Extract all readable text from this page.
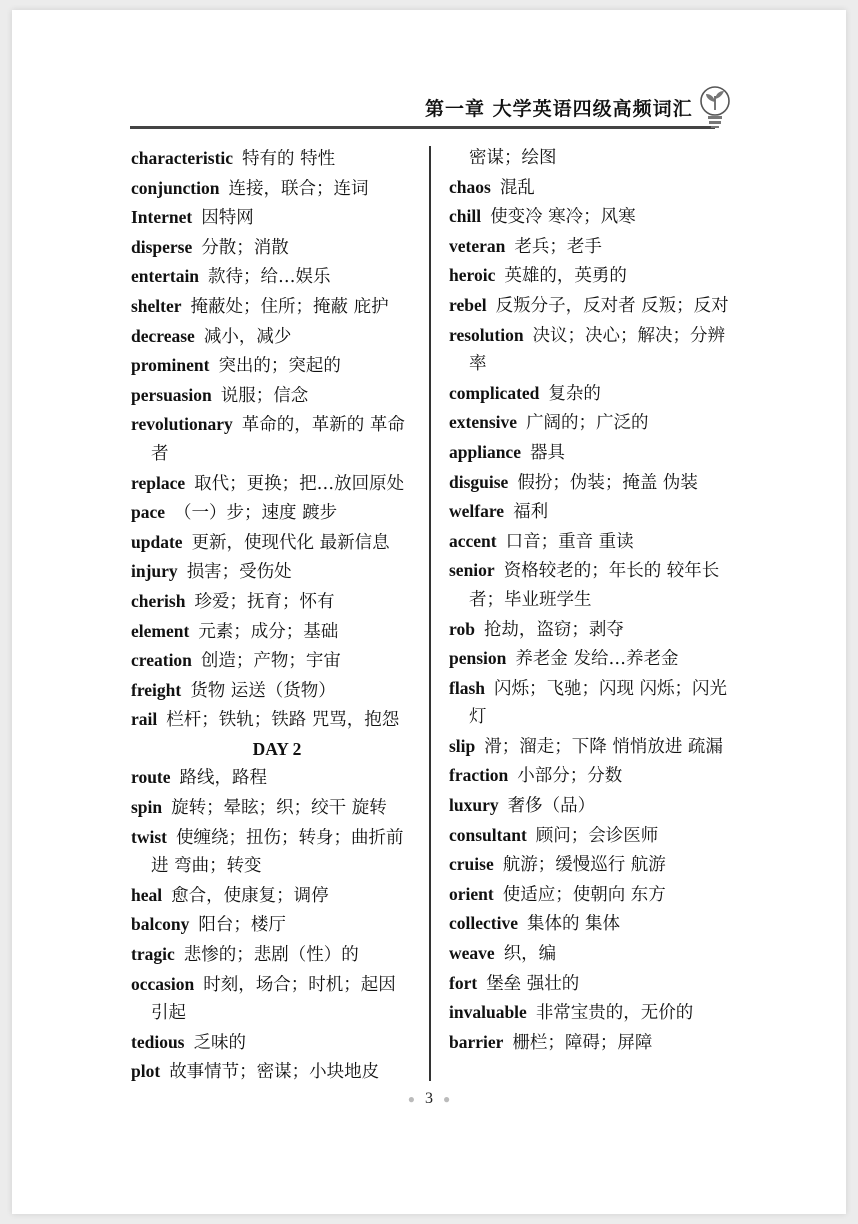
第一章 大学英语四级高频词汇
characteristic 特有的 特性
conjunction 连接，联合；连词
Internet 因特网
disperse 分散；消散
entertain 款待；给…娱乐
shelter 掩蔽处；住所；掩蔽 庇护
decrease 减小，减少
prominent 突出的；突起的
persuasion 说服；信念
revolutionary 革命的，革新的 革命者
replace 取代；更换；把…放回原处
pace （一）步；速度 踱步
update 更新，使现代化 最新信息
injury 损害；受伤处
cherish 珍爱；抚育；怀有
element 元素；成分；基础
creation 创造；产物；宇宙
freight 货物 运送（货物）
rail 栏杆；铁轨；铁路 咒骂，抱怨
DAY 2
route 路线，路程
spin 旋转；晕眩；织；绞干 旋转
twist 使缠绕；扭伤；转身；曲折前进 弯曲；转变
heal 愈合，使康复；调停
balcony 阳台；楼厅
tragic 悲惨的；悲剧（性）的
occasion 时刻，场合；时机；起因 引起
tedious 乏味的
plot 故事情节；密谋；小块地皮
密谋；绘图
chaos 混乱
chill 使变冷 寒冷；风寒
veteran 老兵；老手
heroic 英雄的，英勇的
rebel 反叛分子，反对者 反叛；反对
resolution 决议；决心；解决；分辨率
complicated 复杂的
extensive 广阔的；广泛的
appliance 器具
disguise 假扮；伪装；掩盖 伪装
welfare 福利
accent 口音；重音 重读
senior 资格较老的；年长的 较年长者；毕业班学生
rob 抢劫，盗窃；剥夺
pension 养老金 发给…养老金
flash 闪烁；飞驰；闪现 闪烁；闪光灯
slip 滑；溜走；下降 悄悄放进 疏漏
fraction 小部分；分数
luxury 奢侈（品）
consultant 顾问；会诊医师
cruise 航游；缓慢巡行 航游
orient 使适应；使朝向 东方
collective 集体的 集体
weave 织，编
fort 堡垒 强壮的
invaluable 非常宝贵的，无价的
barrier 栅栏；障碍；屏障
● 3 ●
